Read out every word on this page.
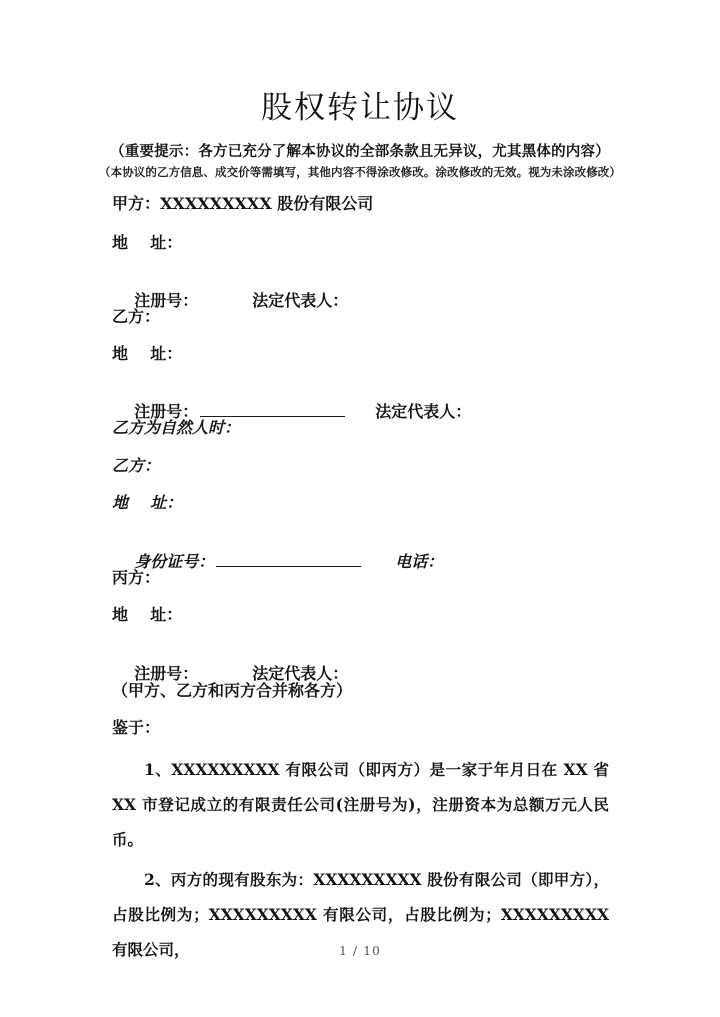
股权转让协议
（重要提示：各方已充分了解本协议的全部条款且无异议，尤其黑体的内容）
（本协议的乙方信息、成交价等需填写，其他内容不得涂改修改。涂改修改的无效。视为未涂改修改）
甲方：XXXXXXXXX 股份有限公司
地    址：

注册号：	法定代表人：

乙方：
地    址：

注册号：	法定代表人：

乙方为自然人时：
乙方：
地    址：

身份证号：	电话：

丙方：
地    址：

注册号：	法定代表人：

（甲方、乙方和丙方合并称各方）
鉴于：
1、XXXXXXXXX 有限公司（即丙方）是一家于年月日在 XX 省 XX 市登记成立的有限责任公司(注册号为)，注册资本为总额万元人民币。
2、丙方的现有股东为：XXXXXXXXX 股份有限公司（即甲方），占股比例为；XXXXXXXXX 有限公司，占股比例为；XXXXXXXXX 有限公司，	1 / 10
